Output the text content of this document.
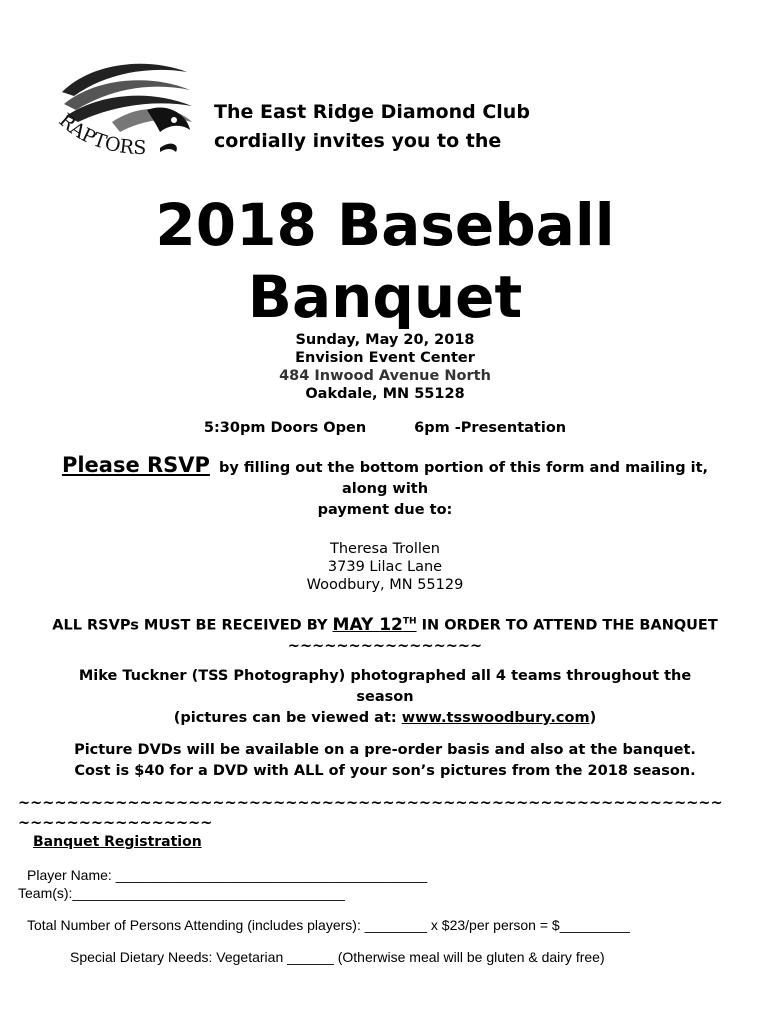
RAPTORS
The East Ridge Diamond Club
cordially invites you to the
2018 Baseball
Banquet
Sunday, May 20, 2018
Envision Event Center
484 Inwood Avenue North
Oakdale, MN 55128
5:30pm Doors Open	6pm -Presentation
Please RSVP by filling out the bottom portion of this form and mailing it,
along with
payment due to:
Theresa Trollen
3739 Lilac Lane
Woodbury, MN 55129
ALL RSVPs MUST BE RECEIVED BY MAY 12TH IN ORDER TO ATTEND THE BANQUET
~~~~~~~~~~~~~~~~
Mike Tuckner (TSS Photography) photographed all 4 teams throughout the
season
(pictures can be viewed at: www.tsswoodbury.com)
Picture DVDs will be available on a pre-order basis and also at the banquet.
Cost is $40 for a DVD with ALL of your son’s pictures from the 2018 season.
~~~~~~~~~~~~~~~~~~~~~~~~~~~~~~~~~~~~~~~~~~~~~~~~~~~~~~~~~~
~~~~~~~~~~~~~~~~
Banquet Registration
Player Name: ________________________________________
Team(s):___________________________________
Total Number of Persons Attending (includes players): ________ x $23/per person = $_________
Special Dietary Needs: Vegetarian ______ (Otherwise meal will be gluten & dairy free)
